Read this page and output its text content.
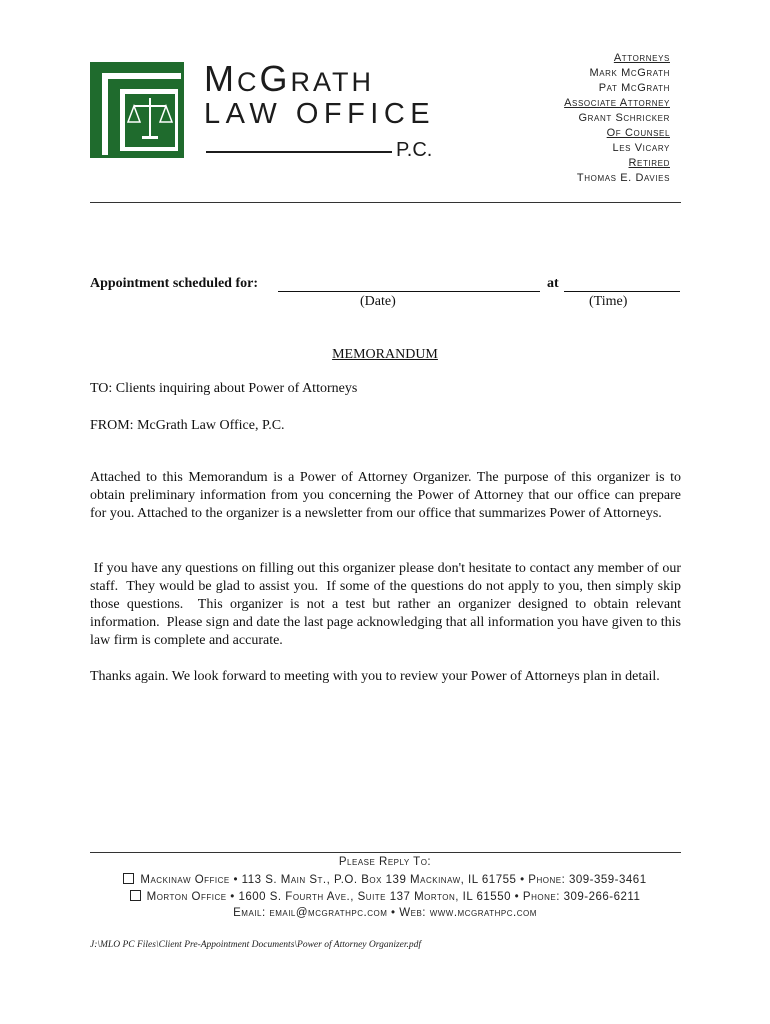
MCGRATH
LAW OFFICE
P.C.
Attorneys
Mark McGrath
Pat McGrath
Associate Attorney
Grant Schricker
Of Counsel
Les Vicary
Retired
Thomas E. Davies
Appointment scheduled for:	at
(Date)	(Time)
MEMORANDUM
TO: Clients inquiring about Power of Attorneys
FROM: McGrath Law Office, P.C.
Attached to this Memorandum is a Power of Attorney Organizer. The purpose of this organizer is to obtain preliminary information from you concerning the Power of Attorney that our office can prepare for you. Attached to the organizer is a newsletter from our office that summarizes Power of Attorneys.
If you have any questions on filling out this organizer please don't hesitate to contact any member of our staff.  They would be glad to assist you.  If some of the questions do not apply to you, then simply skip those questions.  This organizer is not a test but rather an organizer designed to obtain relevant information.  Please sign and date the last page acknowledging that all information you have given to this law firm is complete and accurate.
Thanks again. We look forward to meeting with you to review your Power of Attorneys plan in detail.
Please Reply To:
Mackinaw Office • 113 S. Main St., P.O. Box 139 Mackinaw, IL 61755 • Phone: 309-359-3461
Morton Office • 1600 S. Fourth Ave., Suite 137 Morton, IL 61550 • Phone: 309-266-6211
Email: email@mcgrathpc.com • Web: www.mcgrathpc.com
J:\MLO PC Files\Client Pre-Appointment Documents\Power of Attorney Organizer.pdf
